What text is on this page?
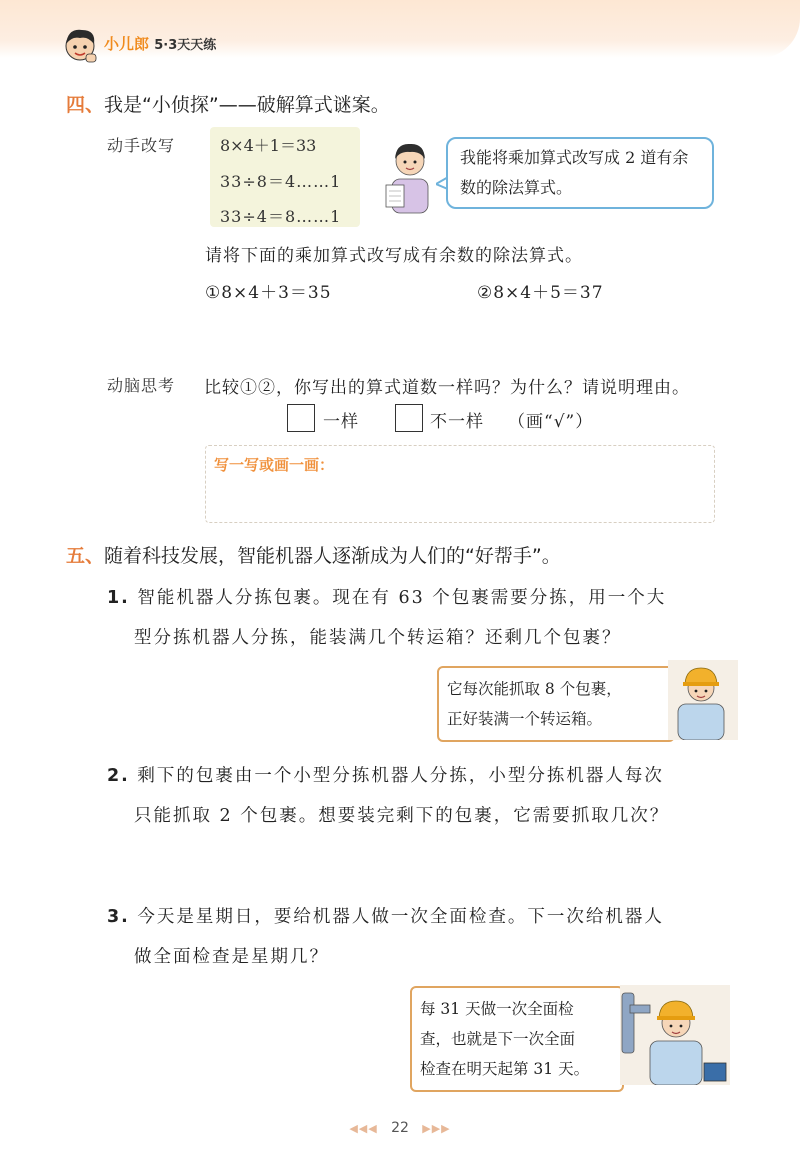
小儿郎 5·3天天练
四、我是“小侦探”——破解算式谜案。
动手改写	8×4＋1＝33
33÷8＝4……1
33÷4＝8……1
我能将乘加算式改写成 2 道有余数的除法算式。
请将下面的乘加算式改写成有余数的除法算式。
①8×4＋3＝35	②8×4＋5＝37
动脑思考 比较①②，你写出的算式道数一样吗？为什么？请说明理由。
一样	不一样 （画“√”）
写一写或画一画：
五、随着科技发展，智能机器人逐渐成为人们的“好帮手”。
1. 智能机器人分拣包裹。现在有 63 个包裹需要分拣，用一个大
型分拣机器人分拣，能装满几个转运箱？还剩几个包裹？
它每次能抓取 8 个包裹，
正好装满一个转运箱。
2. 剩下的包裹由一个小型分拣机器人分拣，小型分拣机器人每次
只能抓取 2 个包裹。想要装完剩下的包裹，它需要抓取几次？
3. 今天是星期日，要给机器人做一次全面检查。下一次给机器人
做全面检查是星期几？
每 31 天做一次全面检
查，也就是下一次全面
检查在明天起第 31 天。
◀◀◀ 22 ▶▶▶
